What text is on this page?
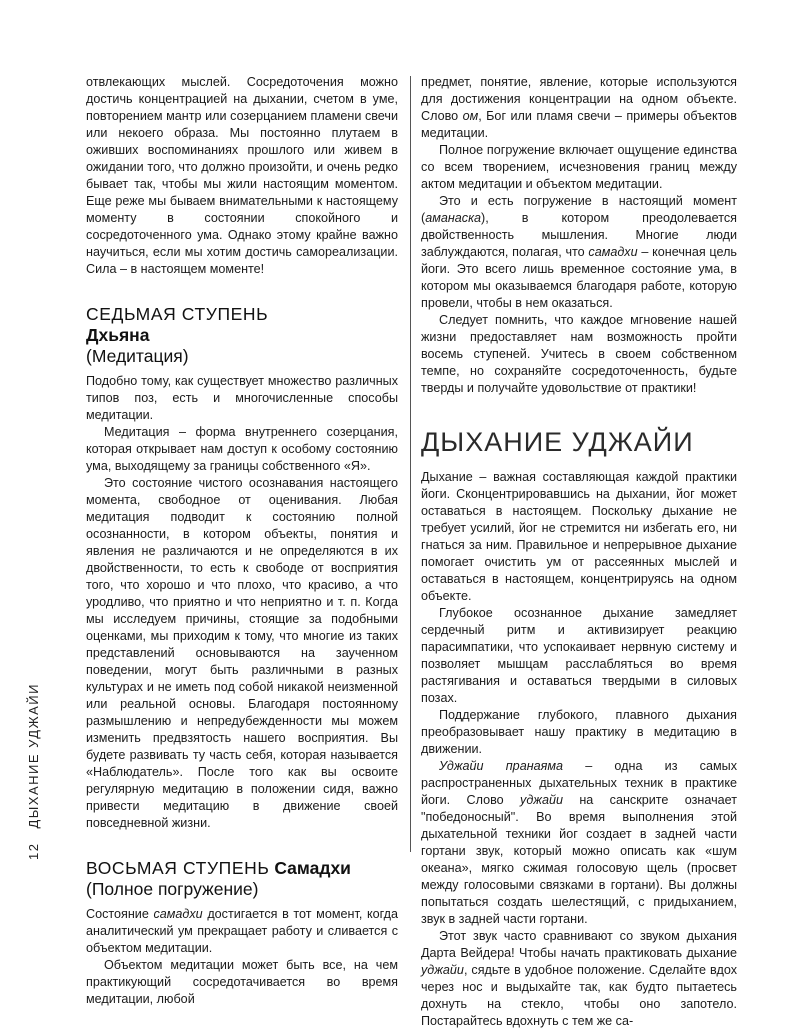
12ДЫХАНИЕ УДЖАЙИ

отвлекающих мыслей. Сосредоточения можно достичь концентрацией на дыхании, счетом в уме, повторением мантр или созерцанием пламени свечи или некоего образа. Мы постоянно плутаем в оживших воспоминаниях прошлого или живем в ожидании того, что должно произойти, и очень редко бывает так, чтобы мы жили настоящим моментом. Еще реже мы бываем внимательными к настоящему моменту в состоянии спокойного и сосредоточенного ума. Однако этому крайне важно научиться, если мы хотим достичь самореализации. Сила – в настоящем моменте!

СЕДЬМАЯ СТУПЕНЬ
Дхьяна
(Медитация)

Подобно тому, как существует множество различных типов поз, есть и многочисленные способы медитации.

Медитация – форма внутреннего созерцания, которая открывает нам доступ к особому состоянию ума, выходящему за границы собственного «Я».

Это состояние чистого осознавания настоящего момента, свободное от оценивания. Любая медитация подводит к состоянию полной осознанности, в котором объекты, понятия и явления не различаются и не определяются в их двойственности, то есть к свободе от восприятия того, что хорошо и что плохо, что красиво, а что уродливо, что приятно и что неприятно и т. п. Когда мы исследуем причины, стоящие за подобными оценками, мы приходим к тому, что многие из таких представлений основываются на заученном поведении, могут быть различными в разных культурах и не иметь под собой никакой неизменной или реальной основы. Благодаря постоянному размышлению и непредубежденности мы можем изменить предвзятость нашего восприятия. Вы будете развивать ту часть себя, которая называется «Наблюдатель». После того как вы освоите регулярную медитацию в положении сидя, важно привести медитацию в движение своей повседневной жизни.

ВОСЬМАЯ СТУПЕНЬ Самадхи
(Полное погружение)

Состояние самадхи достигается в тот момент, когда аналитический ум прекращает работу и сливается с объектом медитации.

Объектом медитации может быть все, на чем практикующий сосредотачивается во время медитации, любой

предмет, понятие, явление, которые используются для достижения концентрации на одном объекте. Слово ом, Бог или пламя свечи – примеры объектов медитации.

Полное погружение включает ощущение единства со всем творением, исчезновения границ между актом медитации и объектом медитации.

Это и есть погружение в настоящий момент (аманаска), в котором преодолевается двойственность мышления. Многие люди заблуждаются, полагая, что самадхи – конечная цель йоги. Это всего лишь временное состояние ума, в котором мы оказываемся благодаря работе, которую провели, чтобы в нем оказаться.

Следует помнить, что каждое мгновение нашей жизни предоставляет нам возможность пройти восемь ступеней. Учитесь в своем собственном темпе, но сохраняйте сосредоточенность, будьте тверды и получайте удовольствие от практики!

ДЫХАНИЕ УДЖАЙИ

Дыхание – важная составляющая каждой практики йоги. Сконцентрировавшись на дыхании, йог может оставаться в настоящем. Поскольку дыхание не требует усилий, йог не стремится ни избегать его, ни гнаться за ним. Правильное и непрерывное дыхание помогает очистить ум от рассеянных мыслей и оставаться в настоящем, концентрируясь на одном объекте.

Глубокое осознанное дыхание замедляет сердечный ритм и активизирует реакцию парасимпатики, что успокаивает нервную систему и позволяет мышцам расслабляться во время растягивания и оставаться твердыми в силовых позах.

Поддержание глубокого, плавного дыхания преобразовывает нашу практику в медитацию в движении.

Уджайи пранаяма – одна из самых распространенных дыхательных техник в практике йоги. Слово уджайи на санскрите означает "победоносный". Во время выполнения этой дыхательной техники йог создает в задней части гортани звук, который можно описать как «шум океана», мягко сжимая голосовую щель (просвет между голосовыми связками в гортани). Вы должны попытаться создать шелестящий, с придыханием, звук в задней части гортани.

Этот звук часто сравнивают со звуком дыхания Дарта Вейдера! Чтобы начать практиковать дыхание уджайи, сядьте в удобное положение. Сделайте вдох через нос и выдыхайте так, как будто пытаетесь дохнуть на стекло, чтобы оно запотело. Постарайтесь вдохнуть с тем же са-
